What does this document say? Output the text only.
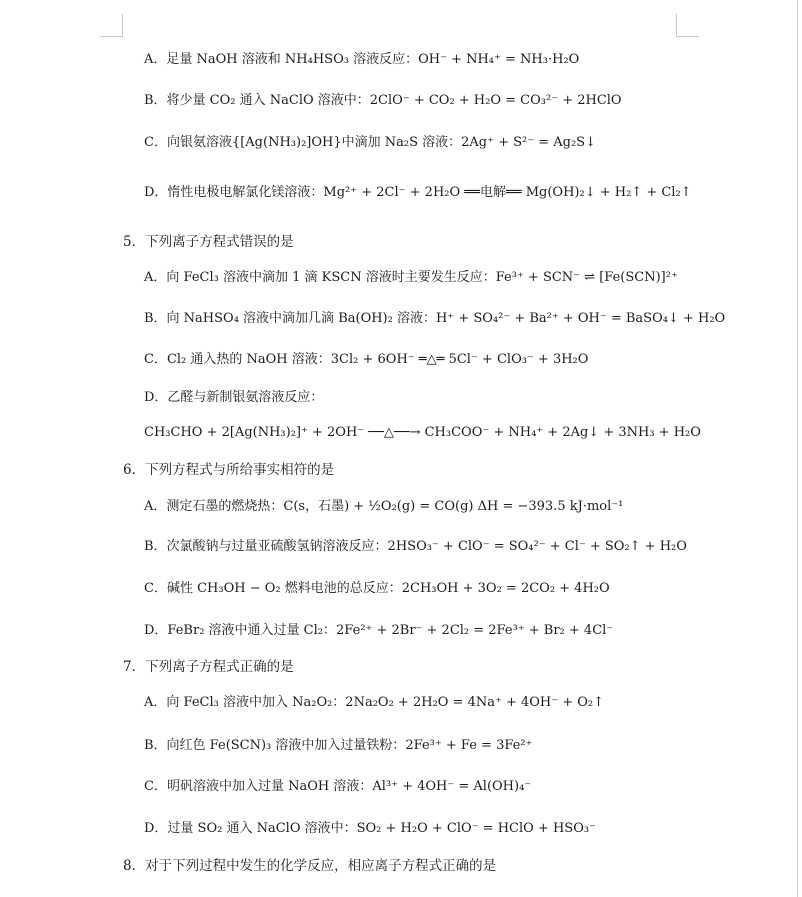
A．足量 NaOH 溶液和 NH₄HSO₃ 溶液反应：OH⁻ + NH₄⁺ = NH₃·H₂O
B．将少量 CO₂ 通入 NaClO 溶液中：2ClO⁻ + CO₂ + H₂O = CO₃²⁻ + 2HClO
C．向银氨溶液{[Ag(NH₃)₂]OH}中滴加 Na₂S 溶液：2Ag⁺ + S²⁻ = Ag₂S↓
D．惰性电极电解氯化镁溶液：Mg²⁺ + 2Cl⁻ + 2H₂O ══电解══ Mg(OH)₂↓ + H₂↑ + Cl₂↑
5．下列离子方程式错误的是
A．向 FeCl₃ 溶液中滴加 1 滴 KSCN 溶液时主要发生反应：Fe³⁺ + SCN⁻ ⇌ [Fe(SCN)]²⁺
B．向 NaHSO₄ 溶液中滴加几滴 Ba(OH)₂ 溶液：H⁺ + SO₄²⁻ + Ba²⁺ + OH⁻ = BaSO₄↓ + H₂O
C．Cl₂ 通入热的 NaOH 溶液：3Cl₂ + 6OH⁻ ═△═ 5Cl⁻ + ClO₃⁻ + 3H₂O
D．乙醛与新制银氨溶液反应：
CH₃CHO + 2[Ag(NH₃)₂]⁺ + 2OH⁻ ──△──→ CH₃COO⁻ + NH₄⁺ + 2Ag↓ + 3NH₃ + H₂O
6．下列方程式与所给事实相符的是
A．测定石墨的燃烧热：C(s，石墨) + ½O₂(g) = CO(g) ΔH = −393.5 kJ·mol⁻¹
B．次氯酸钠与过量亚硫酸氢钠溶液反应：2HSO₃⁻ + ClO⁻ = SO₄²⁻ + Cl⁻ + SO₂↑ + H₂O
C．碱性 CH₃OH − O₂ 燃料电池的总反应：2CH₃OH + 3O₂ = 2CO₂ + 4H₂O
D．FeBr₂ 溶液中通入过量 Cl₂：2Fe²⁺ + 2Br⁻ + 2Cl₂ = 2Fe³⁺ + Br₂ + 4Cl⁻
7．下列离子方程式正确的是
A．向 FeCl₃ 溶液中加入 Na₂O₂：2Na₂O₂ + 2H₂O = 4Na⁺ + 4OH⁻ + O₂↑
B．向红色 Fe(SCN)₃ 溶液中加入过量铁粉：2Fe³⁺ + Fe = 3Fe²⁺
C．明矾溶液中加入过量 NaOH 溶液：Al³⁺ + 4OH⁻ = Al(OH)₄⁻
D．过量 SO₂ 通入 NaClO 溶液中：SO₂ + H₂O + ClO⁻ = HClO + HSO₃⁻
8．对于下列过程中发生的化学反应，相应离子方程式正确的是
